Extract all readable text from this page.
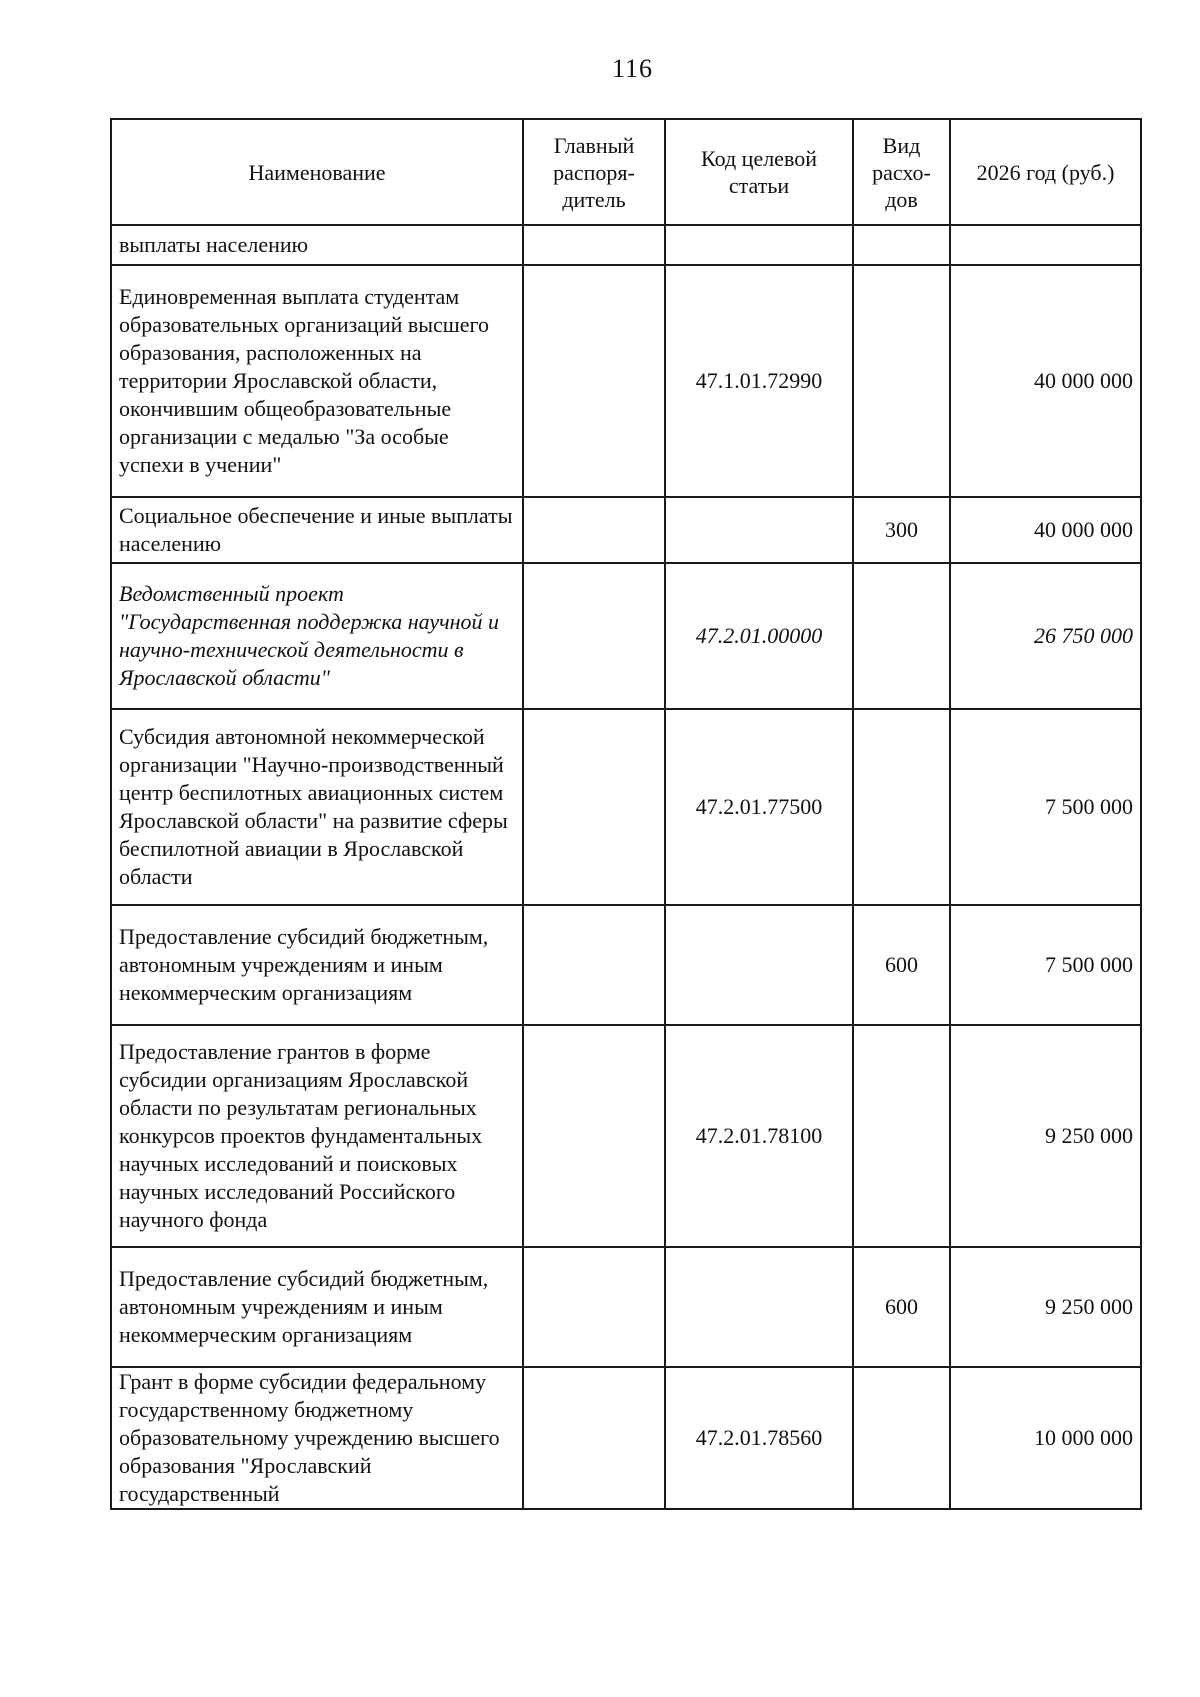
116
Наименование	Главный распоря-дитель	Код целевой статьи	Вид расхо-дов	2026 год (руб.)
выплаты населению				
Единовременная выплата студентам образовательных организаций высшего образования, расположенных на территории Ярославской области, окончившим общеобразовательные организации с медалью "За особые успехи в учении"		47.1.01.72990		40 000 000
Социальное обеспечение и иные выплаты населению			300	40 000 000
Ведомственный проект "Государственная поддержка научной и научно-технической деятельности в Ярославской области"		47.2.01.00000		26 750 000
Субсидия автономной некоммерческой организации "Научно-производственный центр беспилотных авиационных систем Ярославской области" на развитие сферы беспилотной авиации в Ярославской области		47.2.01.77500		7 500 000
Предоставление субсидий бюджетным, автономным учреждениям и иным некоммерческим организациям			600	7 500 000
Предоставление грантов в форме субсидии организациям Ярославской области по результатам региональных конкурсов проектов фундаментальных научных исследований и поисковых научных исследований Российского научного фонда		47.2.01.78100		9 250 000
Предоставление субсидий бюджетным, автономным учреждениям и иным некоммерческим организациям			600	9 250 000
Грант в форме субсидии федеральному государственному бюджетному образовательному учреждению высшего образования "Ярославский государственный		47.2.01.78560		10 000 000
